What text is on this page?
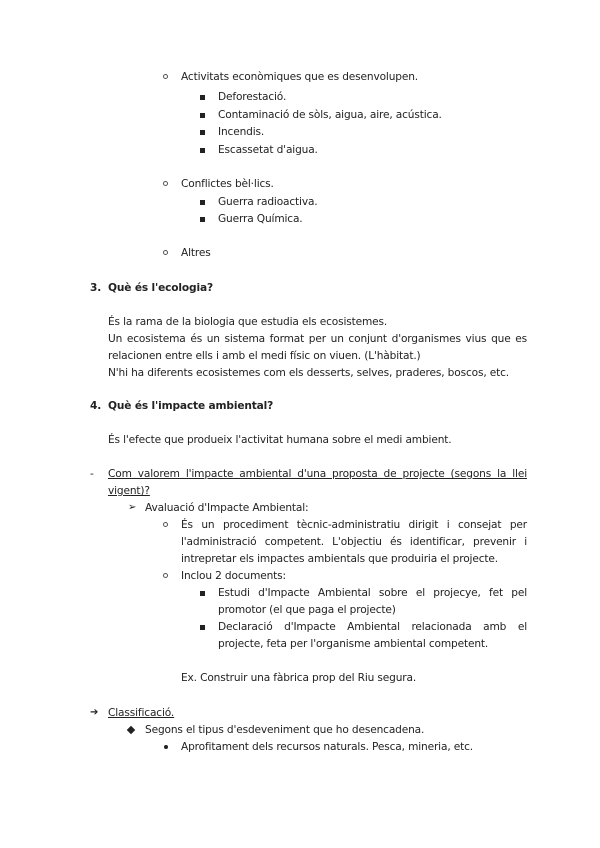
Activitats econòmiques que es desenvolupen.
Deforestació.
Contaminació de sòls, aigua, aire, acústica.
Incendis.
Escassetat d'aigua.
Conflictes bèl·lics.
Guerra radioactiva.
Guerra Química.
Altres
3. Què és l'ecologia?
És la rama de la biologia que estudia els ecosistemes.
Un ecosistema és un sistema format per un conjunt d'organismes vius que es
relacionen entre ells i amb el medi físic on viuen. (L'hàbitat.)
N'hi ha diferents ecosistemes com els desserts, selves, praderes, boscos, etc.
4. Què és l'impacte ambiental?
És l'efecte que produeix l'activitat humana sobre el medi ambient.
- Com valorem l'impacte ambiental d'una proposta de projecte (segons la llei
vigent)?
➢ Avaluació d'Impacte Ambiental:
És un procediment tècnic-administratiu dirigit i consejat per
l'administració competent. L'objectiu és identificar, prevenir i
intrepretar els impactes ambientals que produiria el projecte.
Inclou 2 documents:
Estudi d'Impacte Ambiental sobre el projecye, fet pel
promotor (el que paga el projecte)
Declaració d'Impacte Ambiental relacionada amb el
projecte, feta per l'organisme ambiental competent.
Ex. Construir una fàbrica prop del Riu segura.
➔ Classificació.
Segons el tipus d'esdeveniment que ho desencadena.
Aprofitament dels recursos naturals. Pesca, mineria, etc.
